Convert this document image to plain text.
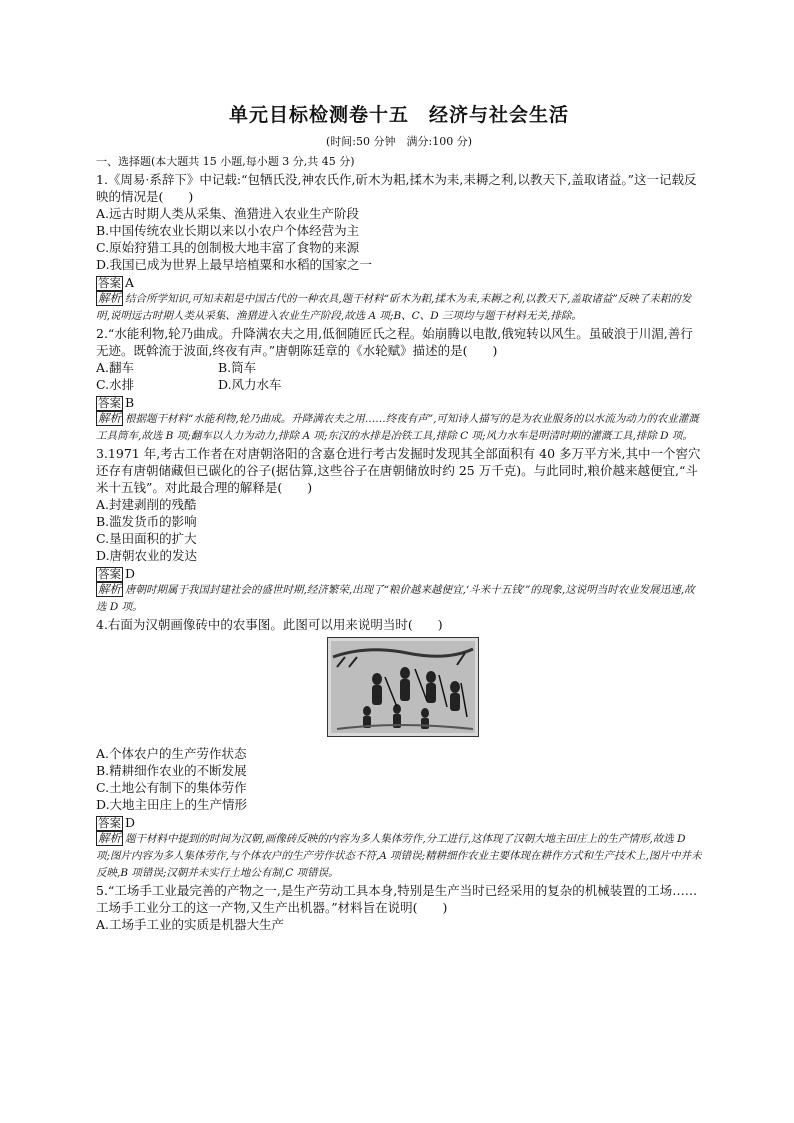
单元目标检测卷十五　经济与社会生活
(时间:50 分钟　满分:100 分)
一、选择题(本大题共 15 小题,每小题 3 分,共 45 分)

1.《周易·系辞下》中记载:“包牺氏没,神农氏作,斫木为耜,揉木为耒,耒耨之利,以教天下,盖取诸益。”这一记载反映的情况是(　　)

A.远古时期人类从采集、渔猎进入农业生产阶段

B.中国传统农业长期以来以小农户个体经营为主

C.原始狩猎工具的创制极大地丰富了食物的来源

D.我国已成为世界上最早培植粟和水稻的国家之一

答案 A

解析 结合所学知识,可知耒耜是中国古代的一种农具,题干材料“斫木为耜,揉木为耒,耒耨之利,以教天下,盖取诸益”反映了耒耜的发明,说明远古时期人类从采集、渔猎进入农业生产阶段,故选 A 项;B、C、D 三项均与题干材料无关,排除。

2.“水能利物,轮乃曲成。升降满农夫之用,低徊随匠氏之程。始崩腾以电散,俄宛转以风生。虽破浪于川湄,善行无迹。既斡流于波面,终夜有声。”唐朝陈廷章的《水轮赋》描述的是(　　)

A.翻车	B.筒车
C.水排	D.风力水车

答案 B

解析 根据题干材料“水能利物,轮乃曲成。升降满农夫之用……终夜有声”,可知诗人描写的是为农业服务的以水流为动力的农业灌溉工具筒车,故选 B 项;翻车以人力为动力,排除 A 项;东汉的水排是冶铁工具,排除 C 项;风力水车是明清时期的灌溉工具,排除 D 项。

3.1971 年,考古工作者在对唐朝洛阳的含嘉仓进行考古发掘时发现其全部面积有 40 多万平方米,其中一个窖穴还存有唐朝储藏但已碳化的谷子(据估算,这些谷子在唐朝储放时约 25 万千克)。与此同时,粮价越来越便宜,“斗米十五钱”。对此最合理的解释是(　　)

A.封建剥削的残酷

B.滥发货币的影响

C.垦田面积的扩大

D.唐朝农业的发达

答案 D

解析 唐朝时期属于我国封建社会的盛世时期,经济繁荣,出现了“粮价越来越便宜,‘斗米十五钱’”的现象,这说明当时农业发展迅速,故选 D 项。

4.右面为汉朝画像砖中的农事图。此图可以用来说明当时(　　)

A.个体农户的生产劳作状态

B.精耕细作农业的不断发展

C.土地公有制下的集体劳作

D.大地主田庄上的生产情形

答案 D

解析 题干材料中提到的时间为汉朝,画像砖反映的内容为多人集体劳作,分工进行,这体现了汉朝大地主田庄上的生产情形,故选 D 项;图片内容为多人集体劳作,与个体农户的生产劳作状态不符,A 项错误;精耕细作农业主要体现在耕作方式和生产技术上,图片中并未反映,B 项错误;汉朝并未实行土地公有制,C 项错误。

5.“工场手工业最完善的产物之一,是生产劳动工具本身,特别是生产当时已经采用的复杂的机械装置的工场……工场手工业分工的这一产物,又生产出机器。”材料旨在说明(　　)

A.工场手工业的实质是机器大生产
